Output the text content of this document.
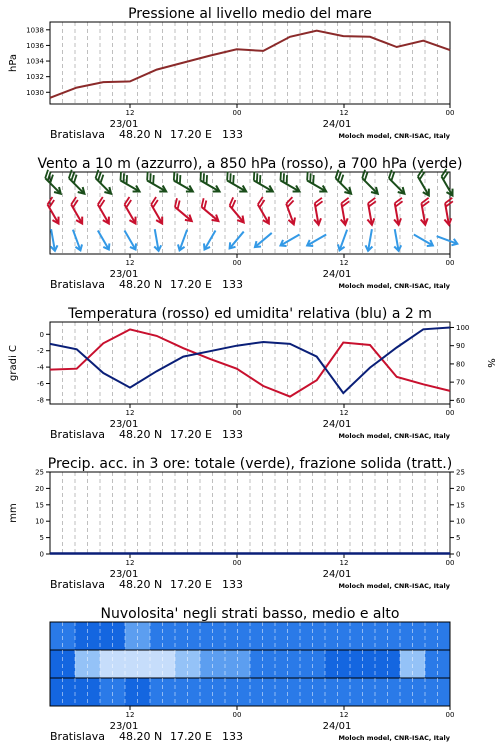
Pressione al livello medio del mare
12	00	12	00
23/01	24/01
Bratislava 48.20 N 17.20 E 133	Moloch model, CNR-ISAC, Italy
1030
1032
1034
1036
1038
hPa
Vento a 10 m (azzurro), a 850 hPa (rosso), a 700 hPa (verde)
12	00	12	00
23/01	24/01
Bratislava 48.20 N 17.20 E 133	Moloch model, CNR-ISAC, Italy
Temperatura (rosso) ed umidita' relativa (blu) a 2 m
12	00	12	00
23/01	24/01
Bratislava 48.20 N 17.20 E 133	Moloch model, CNR-ISAC, Italy
-8
-6
-4
-2
0
60
70
80
90
100
gradi C	%
Precip. acc. in 3 ore: totale (verde), frazione solida (tratt.)
12	00	12	00
23/01	24/01
Bratislava 48.20 N 17.20 E 133	Moloch model, CNR-ISAC, Italy
0
5
10
15
20
25
0
5
10
15
20
25
mm
Nuvolosita' negli strati basso, medio e alto
12	00	12	00
23/01	24/01
Bratislava 48.20 N 17.20 E 133	Moloch model, CNR-ISAC, Italy
